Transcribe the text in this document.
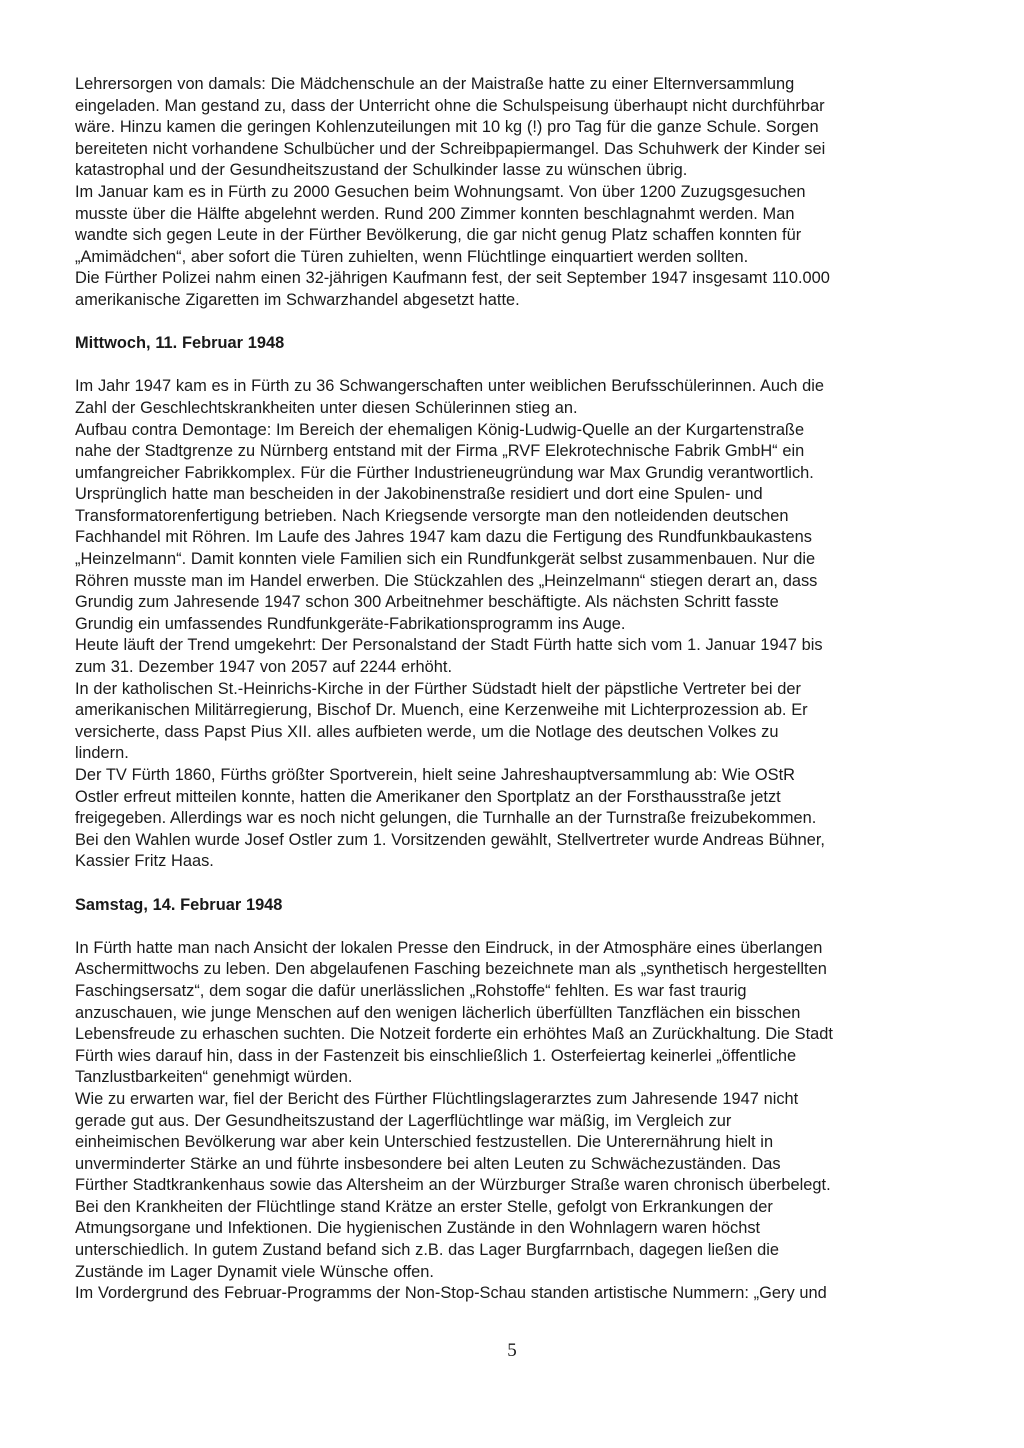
Lehrersorgen von damals: Die Mädchenschule an der Maistraße hatte zu einer Elternversammlung
eingeladen. Man gestand zu, dass der Unterricht ohne die Schulspeisung überhaupt nicht durchführbar
wäre. Hinzu kamen die geringen Kohlenzuteilungen mit 10 kg (!) pro Tag für die ganze Schule. Sorgen
bereiteten nicht vorhandene Schulbücher und der Schreibpapiermangel. Das Schuhwerk der Kinder sei
katastrophal und der Gesundheitszustand der Schulkinder lasse zu wünschen übrig.
Im Januar kam es in Fürth zu 2000 Gesuchen beim Wohnungsamt. Von über 1200 Zuzugsgesuchen
musste über die Hälfte abgelehnt werden. Rund 200 Zimmer konnten beschlagnahmt werden. Man
wandte sich gegen Leute in der Fürther Bevölkerung, die gar nicht genug Platz schaffen konnten für
„Amimädchen“, aber sofort die Türen zuhielten, wenn Flüchtlinge einquartiert werden sollten.
Die Fürther Polizei nahm einen 32-jährigen Kaufmann fest, der seit September 1947 insgesamt 110.000
amerikanische Zigaretten im Schwarzhandel abgesetzt hatte.
Mittwoch, 11. Februar 1948
Im Jahr 1947 kam es in Fürth zu 36 Schwangerschaften unter weiblichen Berufsschülerinnen. Auch die
Zahl der Geschlechtskrankheiten unter diesen Schülerinnen stieg an.
Aufbau contra Demontage: Im Bereich der ehemaligen König-Ludwig-Quelle an der Kurgartenstraße
nahe der Stadtgrenze zu Nürnberg entstand mit der Firma „RVF Elekrotechnische Fabrik GmbH“ ein
umfangreicher Fabrikkomplex. Für die Fürther Industrieneugründung war Max Grundig verantwortlich.
Ursprünglich hatte man bescheiden in der Jakobinenstraße residiert und dort eine Spulen- und
Transformatorenfertigung betrieben. Nach Kriegsende versorgte man den notleidenden deutschen
Fachhandel mit Röhren. Im Laufe des Jahres 1947 kam dazu die Fertigung des Rundfunkbaukastens
„Heinzelmann“. Damit konnten viele Familien sich ein Rundfunkgerät selbst zusammenbauen. Nur die
Röhren musste man im Handel erwerben. Die Stückzahlen des „Heinzelmann“ stiegen derart an, dass
Grundig zum Jahresende 1947 schon 300 Arbeitnehmer beschäftigte. Als nächsten Schritt fasste
Grundig ein umfassendes Rundfunkgeräte-Fabrikationsprogramm ins Auge.
Heute läuft der Trend umgekehrt: Der Personalstand der Stadt Fürth hatte sich vom 1. Januar 1947 bis
zum 31. Dezember 1947 von 2057 auf 2244 erhöht.
In der katholischen St.-Heinrichs-Kirche in der Fürther Südstadt hielt der päpstliche Vertreter bei der
amerikanischen Militärregierung, Bischof Dr. Muench, eine Kerzenweihe mit Lichterprozession ab. Er
versicherte, dass Papst Pius XII. alles aufbieten werde, um die Notlage des deutschen Volkes zu
lindern.
Der TV Fürth 1860, Fürths größter Sportverein, hielt seine Jahreshauptversammlung ab: Wie OStR
Ostler erfreut mitteilen konnte, hatten die Amerikaner den Sportplatz an der Forsthausstraße jetzt
freigegeben. Allerdings war es noch nicht gelungen, die Turnhalle an der Turnstraße freizubekommen.
Bei den Wahlen wurde Josef Ostler zum 1. Vorsitzenden gewählt, Stellvertreter wurde Andreas Bühner,
Kassier Fritz Haas.
Samstag, 14. Februar 1948
In Fürth hatte man nach Ansicht der lokalen Presse den Eindruck, in der Atmosphäre eines überlangen
Aschermittwochs zu leben. Den abgelaufenen Fasching bezeichnete man als „synthetisch hergestellten
Faschingsersatz“, dem sogar die dafür unerlässlichen „Rohstoffe“ fehlten. Es war fast traurig
anzuschauen, wie junge Menschen auf den wenigen lächerlich überfüllten Tanzflächen ein bisschen
Lebensfreude zu erhaschen suchten. Die Notzeit forderte ein erhöhtes Maß an Zurückhaltung. Die Stadt
Fürth wies darauf hin, dass in der Fastenzeit bis einschließlich 1. Osterfeiertag keinerlei „öffentliche
Tanzlustbarkeiten“ genehmigt würden.
Wie zu erwarten war, fiel der Bericht des Fürther Flüchtlingslagerarztes zum Jahresende 1947 nicht
gerade gut aus. Der Gesundheitszustand der Lagerflüchtlinge war mäßig, im Vergleich zur
einheimischen Bevölkerung war aber kein Unterschied festzustellen. Die Unterernährung hielt in
unverminderter Stärke an und führte insbesondere bei alten Leuten zu Schwächezuständen. Das
Fürther Stadtkrankenhaus sowie das Altersheim an der Würzburger Straße waren chronisch überbelegt.
Bei den Krankheiten der Flüchtlinge stand Krätze an erster Stelle, gefolgt von Erkrankungen der
Atmungsorgane und Infektionen. Die hygienischen Zustände in den Wohnlagern waren höchst
unterschiedlich. In gutem Zustand befand sich z.B. das Lager Burgfarrnbach, dagegen ließen die
Zustände im Lager Dynamit viele Wünsche offen.
Im Vordergrund des Februar-Programms der Non-Stop-Schau standen artistische Nummern: „Gery und
5
